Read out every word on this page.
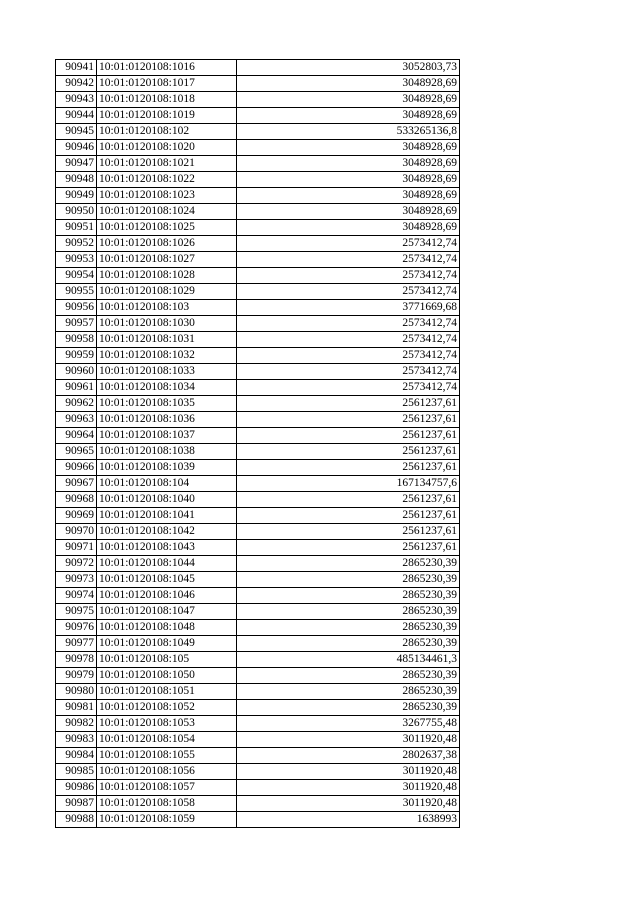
90941	10:01:0120108:1016	3052803,73
90942	10:01:0120108:1017	3048928,69
90943	10:01:0120108:1018	3048928,69
90944	10:01:0120108:1019	3048928,69
90945	10:01:0120108:102	533265136,8
90946	10:01:0120108:1020	3048928,69
90947	10:01:0120108:1021	3048928,69
90948	10:01:0120108:1022	3048928,69
90949	10:01:0120108:1023	3048928,69
90950	10:01:0120108:1024	3048928,69
90951	10:01:0120108:1025	3048928,69
90952	10:01:0120108:1026	2573412,74
90953	10:01:0120108:1027	2573412,74
90954	10:01:0120108:1028	2573412,74
90955	10:01:0120108:1029	2573412,74
90956	10:01:0120108:103	3771669,68
90957	10:01:0120108:1030	2573412,74
90958	10:01:0120108:1031	2573412,74
90959	10:01:0120108:1032	2573412,74
90960	10:01:0120108:1033	2573412,74
90961	10:01:0120108:1034	2573412,74
90962	10:01:0120108:1035	2561237,61
90963	10:01:0120108:1036	2561237,61
90964	10:01:0120108:1037	2561237,61
90965	10:01:0120108:1038	2561237,61
90966	10:01:0120108:1039	2561237,61
90967	10:01:0120108:104	167134757,6
90968	10:01:0120108:1040	2561237,61
90969	10:01:0120108:1041	2561237,61
90970	10:01:0120108:1042	2561237,61
90971	10:01:0120108:1043	2561237,61
90972	10:01:0120108:1044	2865230,39
90973	10:01:0120108:1045	2865230,39
90974	10:01:0120108:1046	2865230,39
90975	10:01:0120108:1047	2865230,39
90976	10:01:0120108:1048	2865230,39
90977	10:01:0120108:1049	2865230,39
90978	10:01:0120108:105	485134461,3
90979	10:01:0120108:1050	2865230,39
90980	10:01:0120108:1051	2865230,39
90981	10:01:0120108:1052	2865230,39
90982	10:01:0120108:1053	3267755,48
90983	10:01:0120108:1054	3011920,48
90984	10:01:0120108:1055	2802637,38
90985	10:01:0120108:1056	3011920,48
90986	10:01:0120108:1057	3011920,48
90987	10:01:0120108:1058	3011920,48
90988	10:01:0120108:1059	1638993
